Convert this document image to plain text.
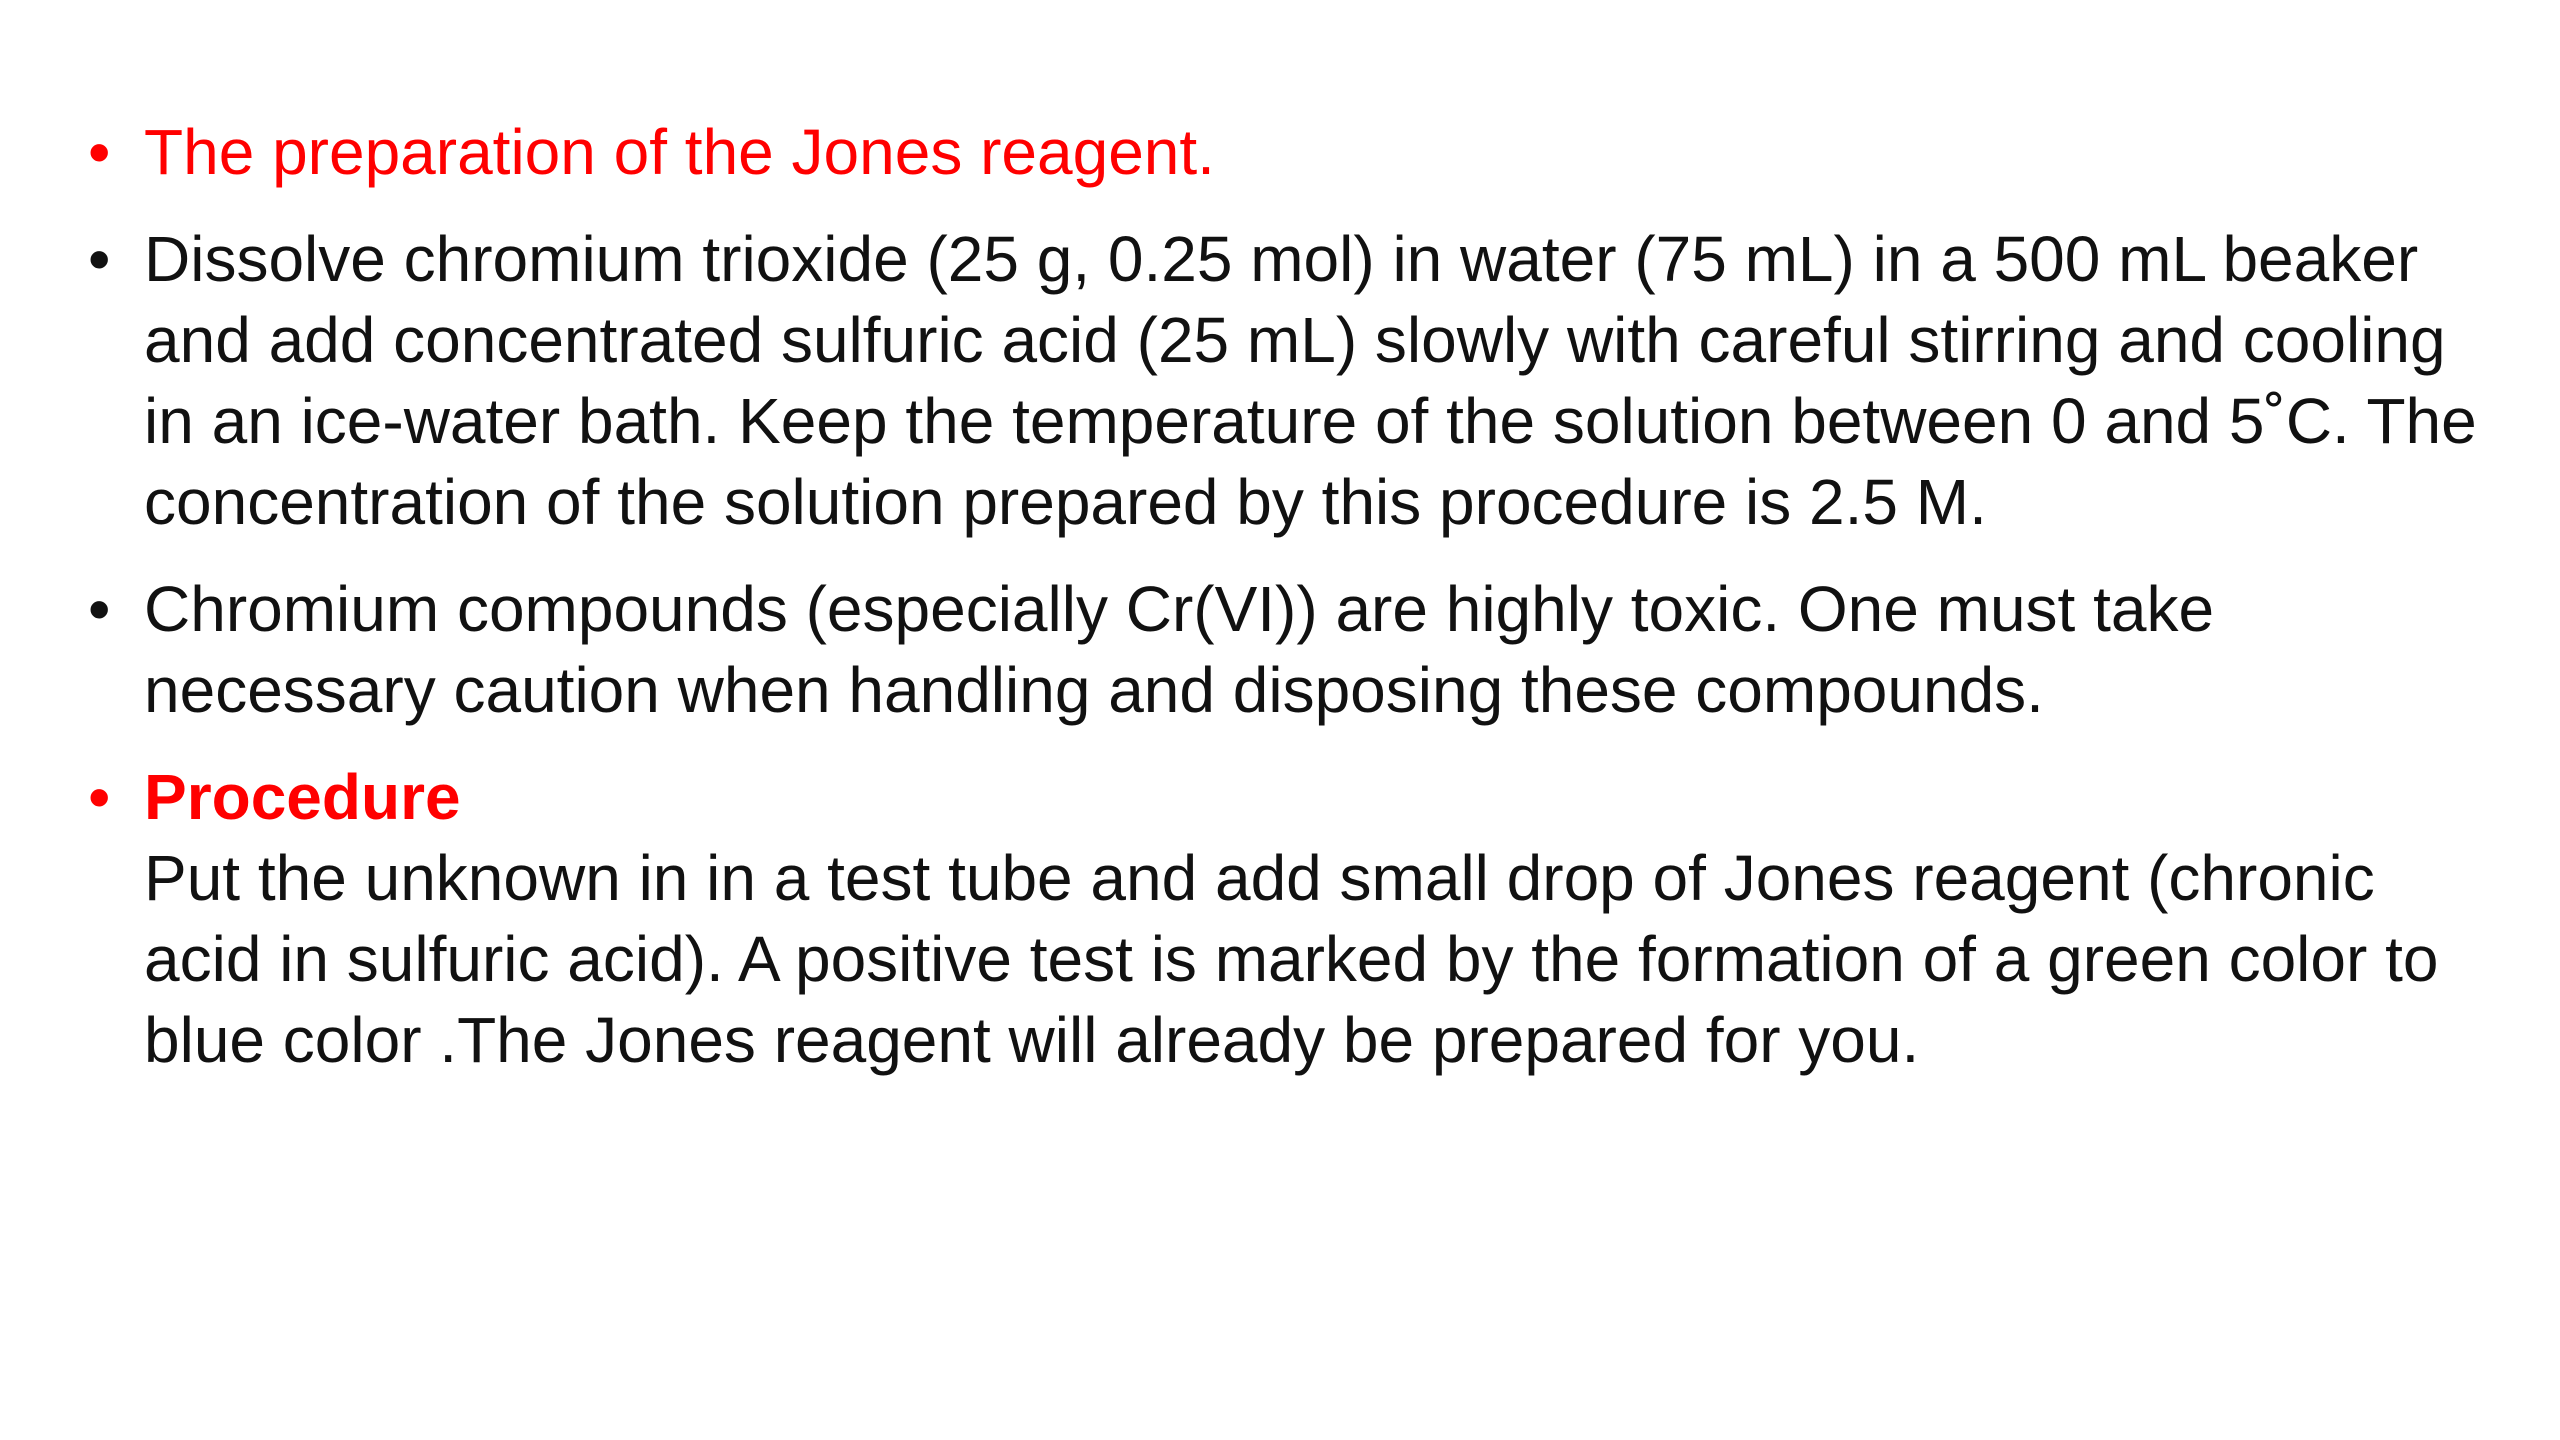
• The preparation of the Jones reagent.
• Dissolve chromium trioxide (25 g, 0.25 mol) in water (75 mL) in a 500 mL beaker and add concentrated sulfuric acid (25 mL) slowly with careful stirring and cooling in an ice-water bath. Keep the temperature of the solution between 0 and 5˚C. The concentration of the solution prepared by this procedure is 2.5 M.
• Chromium compounds (especially Cr(VI)) are highly toxic. One must take necessary caution when handling and disposing these compounds.
• Procedure
Put the unknown in in a test tube and add small drop of Jones reagent (chronic acid in sulfuric acid). A positive test is marked by the formation of a green color to blue color .The Jones reagent will already be prepared for you.
